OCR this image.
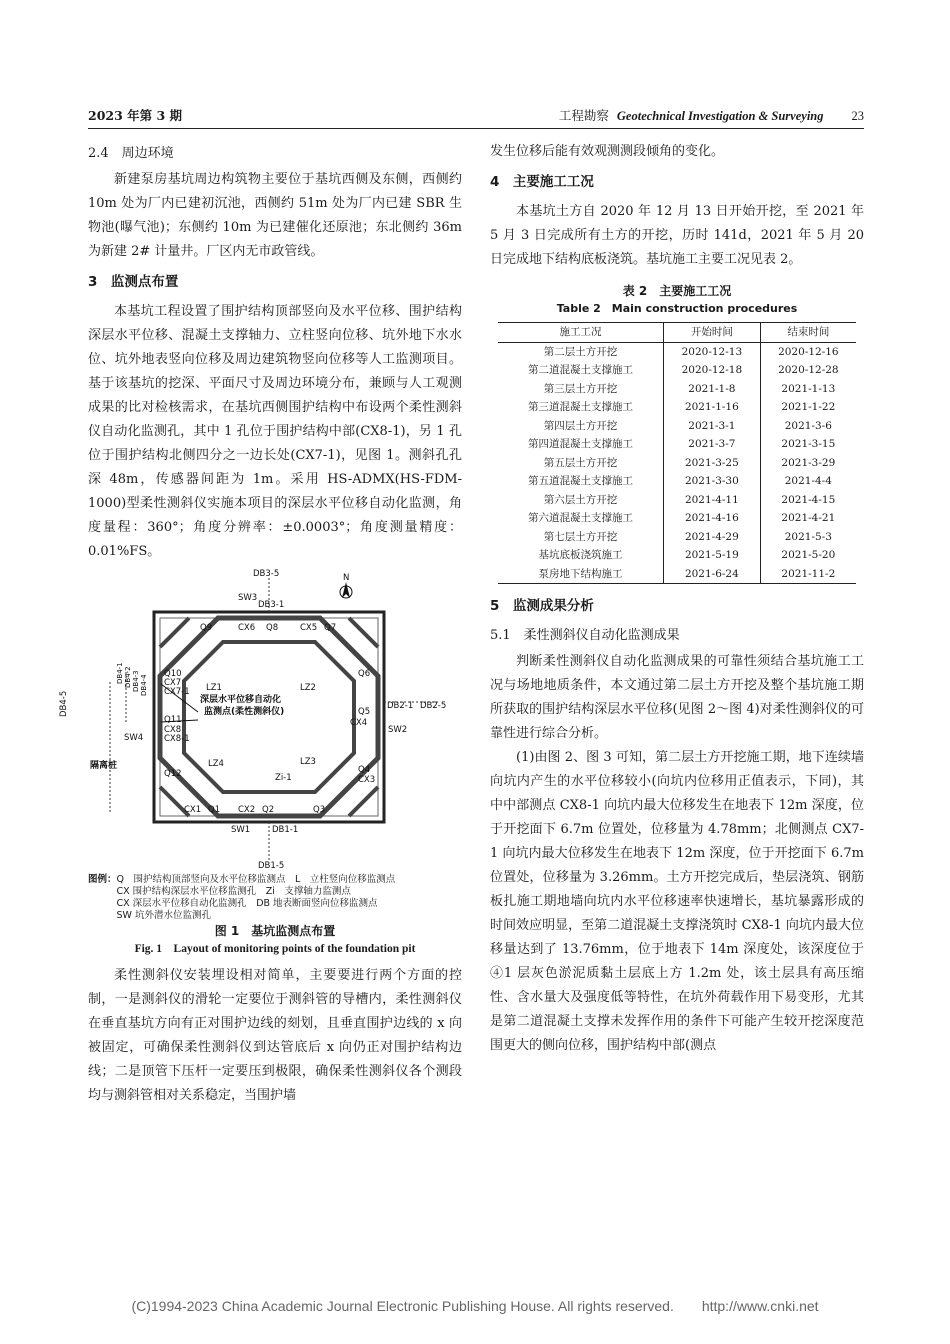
2023 年第 3 期	工程勘察 Geotechnical Investigation & Surveying 23
2.4　周边环境

新建泵房基坑周边构筑物主要位于基坑西侧及东侧，西侧约 10m 处为厂内已建初沉池，西侧约 51m 处为厂内已建 SBR 生物池(曝气池)；东侧约 10m 为已建催化还原池；东北侧约 36m 为新建 2# 计量井。厂区内无市政管线。

3　监测点布置

本基坑工程设置了围护结构顶部竖向及水平位移、围护结构深层水平位移、混凝土支撑轴力、立柱竖向位移、坑外地下水水位、坑外地表竖向位移及周边建筑物竖向位移等人工监测项目。基于该基坑的挖深、平面尺寸及周边环境分布，兼顾与人工观测成果的比对检核需求，在基坑西侧围护结构中布设两个柔性测斜仪自动化监测孔，其中 1 孔位于围护结构中部(CX8-1)，另 1 孔位于围护结构北侧四分之一边长处(CX7-1)，见图 1。测斜孔孔深 48m，传感器间距为 1m。采用 HS-ADMX(HS-FDM-1000)型柔性测斜仪实施本项目的深层水平位移自动化监测，角度量程：360°；角度分辨率：±0.0003°；角度测量精度：0.01%FS。

N
深层水平位移自动化
监测点(柔性测斜仪)
隔离桩
DB3-5
SW3
DB3-1
Q9	CX6 Q8	CX5 Q7
Q10
CX7
CX7-1 LZ1	LZ2
Q6
DB4-5
Q11
CX8
CX8-1
SW4
Q5
DB2-1 DB2-5
CX4
SW2
LZ4	LZ3
Q12	Q4
CX3
Zi-1
CX1 Q1 CX2 Q2	Q3
SW1	DB1-1
DB1-5
DB4-1 DB4-2 DB4-3 DB4-4
图例：Q　围护结构顶部竖向及水平位移监测点　 L　立柱竖向位移监测点
　　　CX 围护结构深层水平位移监测孔　 Zi　支撑轴力监测点
　　　CX 深层水平位移自动化监测孔　 DB 地表断面竖向位移监测点
　　　SW 坑外潜水位监测孔
图 1　基坑监测点布置
Fig. 1　Layout of monitoring points of the foundation pit

柔性测斜仪安装埋设相对简单，主要要进行两个方面的控制，一是测斜仪的滑轮一定要位于测斜管的导槽内，柔性测斜仪在垂直基坑方向有正对围护边线的刻划，且垂直围护边线的 x 向被固定，可确保柔性测斜仪到达管底后 x 向仍正对围护结构边线；二是顶管下压杆一定要压到极限，确保柔性测斜仪各个测段均与测斜管相对关系稳定，当围护墙

发生位移后能有效观测测段倾角的变化。

4　主要施工工况

本基坑土方自 2020 年 12 月 13 日开始开挖，至 2021 年 5 月 3 日完成所有土方的开挖，历时 141d，2021 年 5 月 20 日完成地下结构底板浇筑。基坑施工主要工况见表 2。

表 2　主要施工工况
Table 2　Main construction procedures
施工工况	开始时间	结束时间
第二层土方开挖	2020-12-13	2020-12-16
第二道混凝土支撑施工	2020-12-18	2020-12-28
第三层土方开挖	2021-1-8	2021-1-13
第三道混凝土支撑施工	2021-1-16	2021-1-22
第四层土方开挖	2021-3-1	2021-3-6
第四道混凝土支撑施工	2021-3-7	2021-3-15
第五层土方开挖	2021-3-25	2021-3-29
第五道混凝土支撑施工	2021-3-30	2021-4-4
第六层土方开挖	2021-4-11	2021-4-15
第六道混凝土支撑施工	2021-4-16	2021-4-21
第七层土方开挖	2021-4-29	2021-5-3
基坑底板浇筑施工	2021-5-19	2021-5-20
泵房地下结构施工	2021-6-24	2021-11-2
5　监测成果分析
5.1　柔性测斜仪自动化监测成果

判断柔性测斜仪自动化监测成果的可靠性须结合基坑施工工况与场地地质条件，本文通过第二层土方开挖及整个基坑施工期所获取的围护结构深层水平位移(见图 2～图 4)对柔性测斜仪的可靠性进行综合分析。

(1)由图 2、图 3 可知，第二层土方开挖施工期，地下连续墙向坑内产生的水平位移较小(向坑内位移用正值表示，下同)，其中中部测点 CX8-1 向坑内最大位移发生在地表下 12m 深度，位于开挖面下 6.7m 位置处，位移量为 4.78mm；北侧测点 CX7-1 向坑内最大位移发生在地表下 12m 深度，位于开挖面下 6.7m 位置处，位移量为 3.26mm。土方开挖完成后，垫层浇筑、钢筋板扎施工期地墙向坑内水平位移速率快速增长，基坑暴露形成的时间效应明显，至第二道混凝土支撑浇筑时 CX8-1 向坑内最大位移量达到了 13.76mm，位于地表下 14m 深度处，该深度位于④1 层灰色淤泥质黏土层底上方 1.2m 处，该土层具有高压缩性、含水量大及强度低等特性，在坑外荷载作用下易变形，尤其是第二道混凝土支撑未发挥作用的条件下可能产生较开挖深度范围更大的侧向位移，围护结构中部(测点

(C)1994-2023 China Academic Journal Electronic Publishing House. All rights reserved.　　http://www.cnki.net
